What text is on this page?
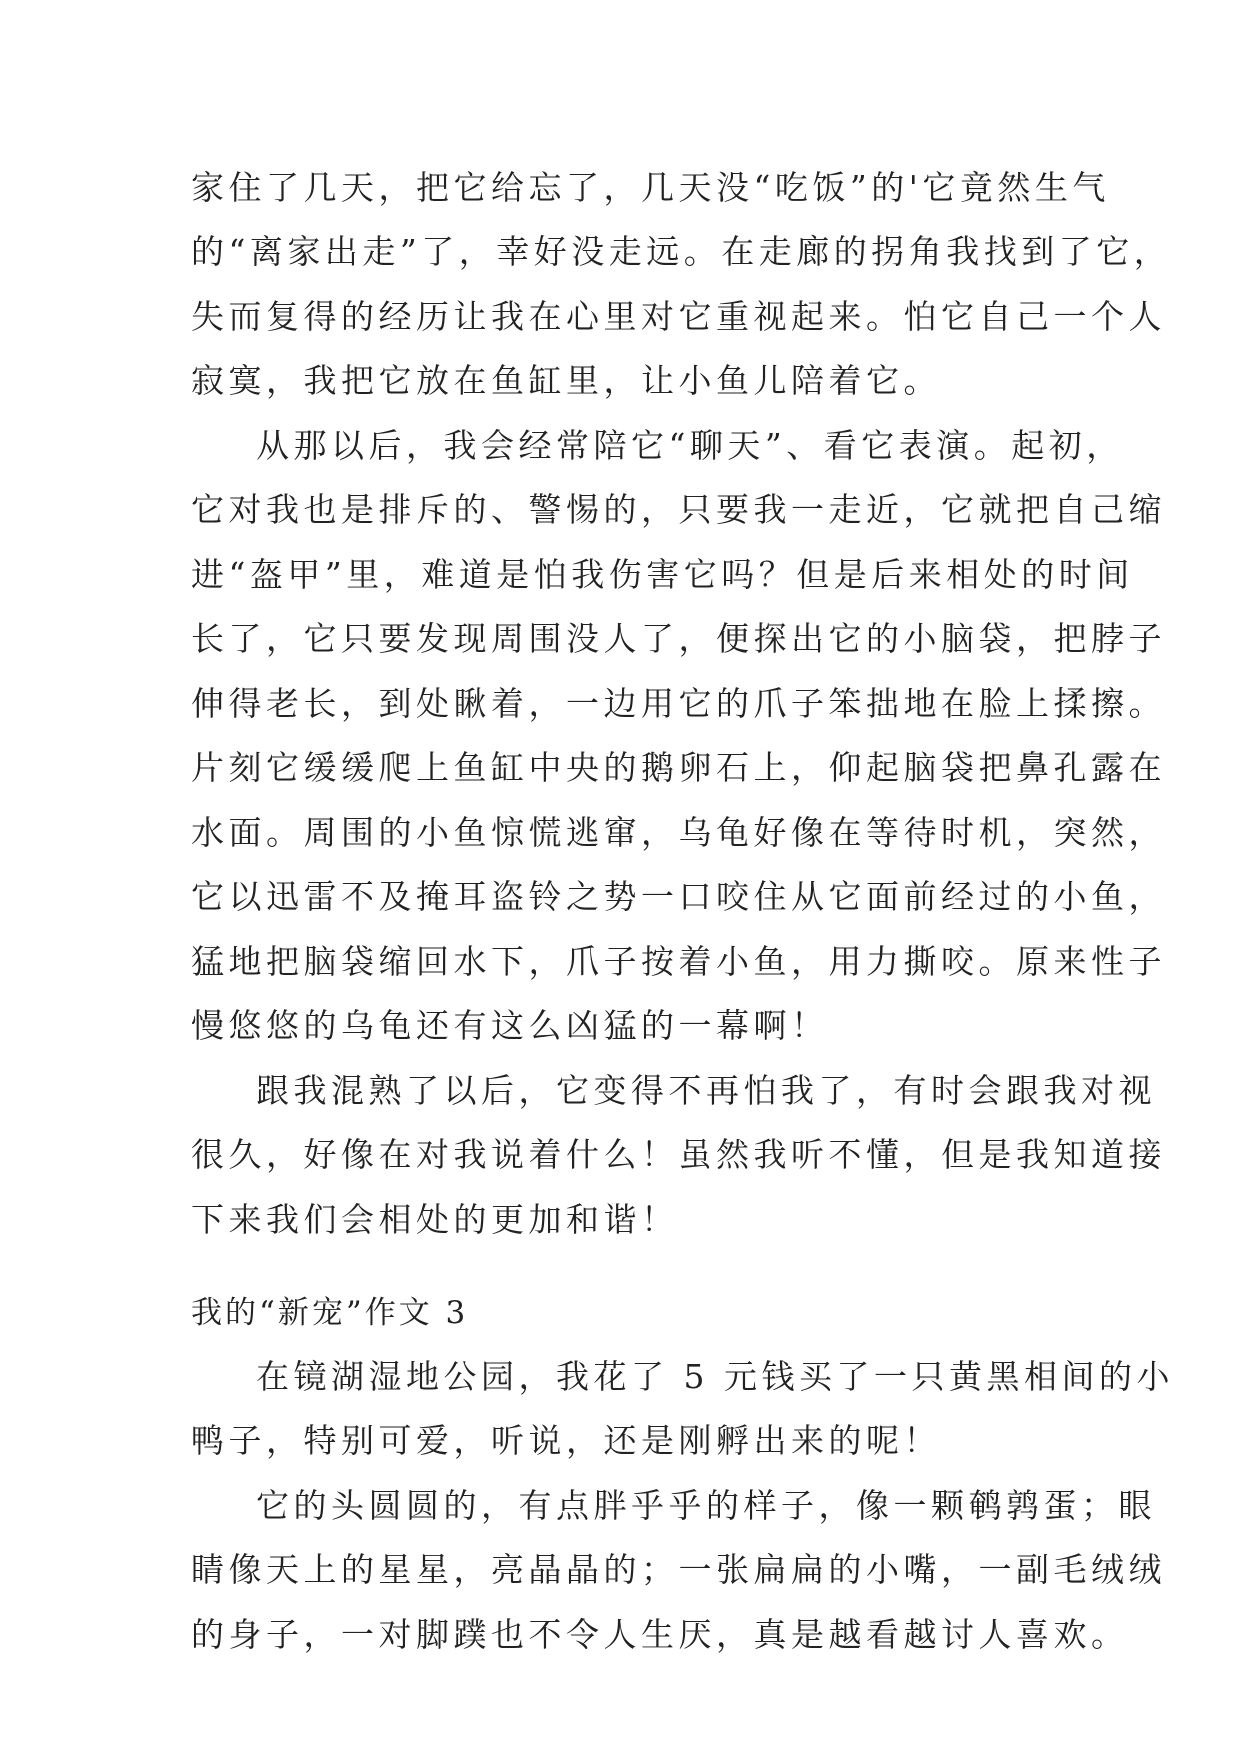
家住了几天，把它给忘了，几天没“吃饭”的'它竟然生气
的“离家出走”了，幸好没走远。在走廊的拐角我找到了它，
失而复得的经历让我在心里对它重视起来。怕它自己一个人
寂寞，我把它放在鱼缸里，让小鱼儿陪着它。
从那以后，我会经常陪它“聊天”、看它表演。起初，
它对我也是排斥的、警惕的，只要我一走近，它就把自己缩
进“盔甲”里，难道是怕我伤害它吗？但是后来相处的时间
长了，它只要发现周围没人了，便探出它的小脑袋，把脖子
伸得老长，到处瞅着，一边用它的爪子笨拙地在脸上揉擦。
片刻它缓缓爬上鱼缸中央的鹅卵石上，仰起脑袋把鼻孔露在
水面。周围的小鱼惊慌逃窜，乌龟好像在等待时机，突然，
它以迅雷不及掩耳盗铃之势一口咬住从它面前经过的小鱼，
猛地把脑袋缩回水下，爪子按着小鱼，用力撕咬。原来性子
慢悠悠的乌龟还有这么凶猛的一幕啊！
跟我混熟了以后，它变得不再怕我了，有时会跟我对视
很久，好像在对我说着什么！虽然我听不懂，但是我知道接
下来我们会相处的更加和谐！
我的“新宠”作文 3
在镜湖湿地公园，我花了 5 元钱买了一只黄黑相间的小
鸭子，特别可爱，听说，还是刚孵出来的呢！
它的头圆圆的，有点胖乎乎的样子，像一颗鹌鹑蛋；眼
睛像天上的星星，亮晶晶的；一张扁扁的小嘴，一副毛绒绒
的身子，一对脚蹼也不令人生厌，真是越看越讨人喜欢。
